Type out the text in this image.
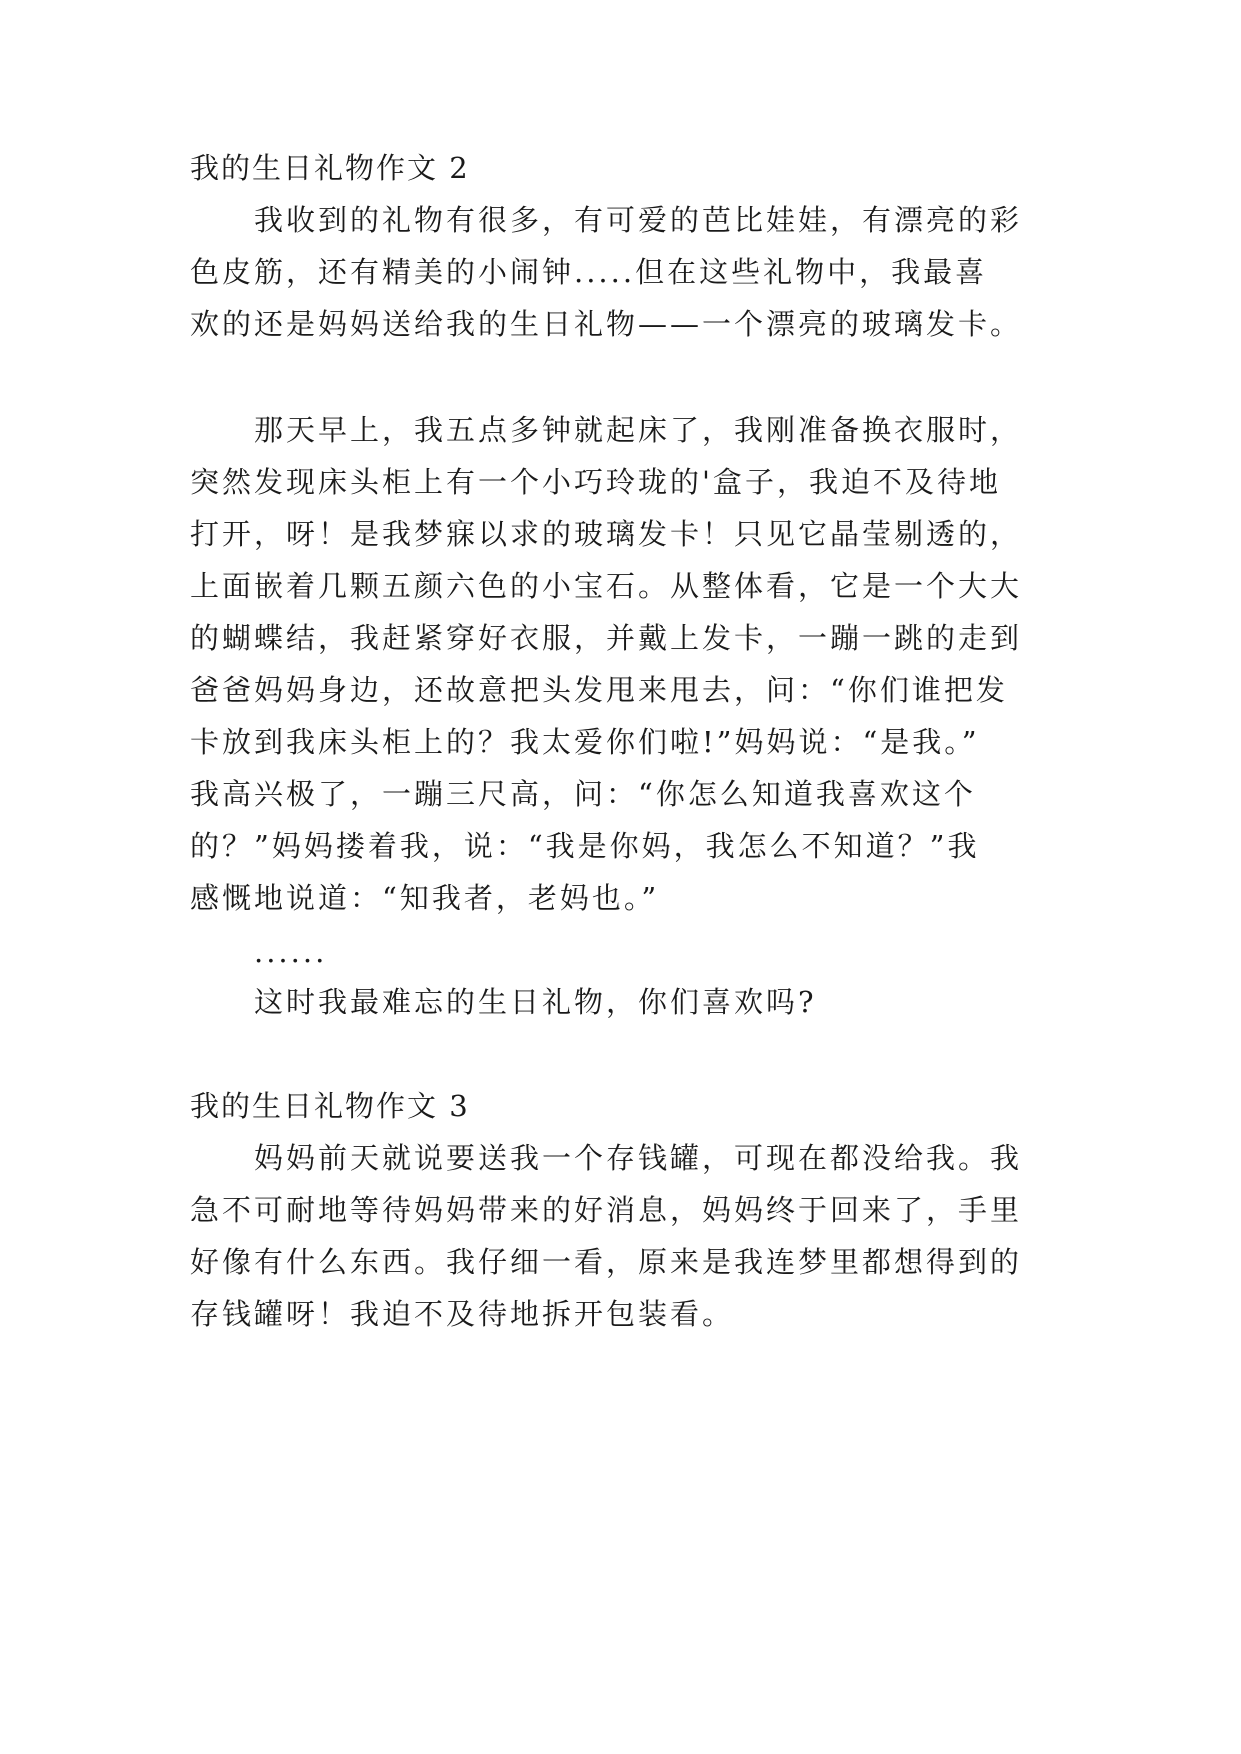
我的生日礼物作文 2
我收到的礼物有很多，有可爱的芭比娃娃，有漂亮的彩
色皮筋，还有精美的小闹钟.....但在这些礼物中，我最喜
欢的还是妈妈送给我的生日礼物——一个漂亮的玻璃发卡。
那天早上，我五点多钟就起床了，我刚准备换衣服时，
突然发现床头柜上有一个小巧玲珑的'盒子，我迫不及待地
打开，呀！是我梦寐以求的玻璃发卡！只见它晶莹剔透的，
上面嵌着几颗五颜六色的小宝石。从整体看，它是一个大大
的蝴蝶结，我赶紧穿好衣服，并戴上发卡，一蹦一跳的走到
爸爸妈妈身边，还故意把头发甩来甩去，问：“你们谁把发
卡放到我床头柜上的？我太爱你们啦!”妈妈说：“是我。”
我高兴极了，一蹦三尺高，问：“你怎么知道我喜欢这个
的？”妈妈搂着我，说：“我是你妈，我怎么不知道？”我
感慨地说道：“知我者，老妈也。”
......
这时我最难忘的生日礼物，你们喜欢吗?
我的生日礼物作文 3
妈妈前天就说要送我一个存钱罐，可现在都没给我。我
急不可耐地等待妈妈带来的好消息，妈妈终于回来了，手里
好像有什么东西。我仔细一看，原来是我连梦里都想得到的
存钱罐呀！我迫不及待地拆开包装看。
